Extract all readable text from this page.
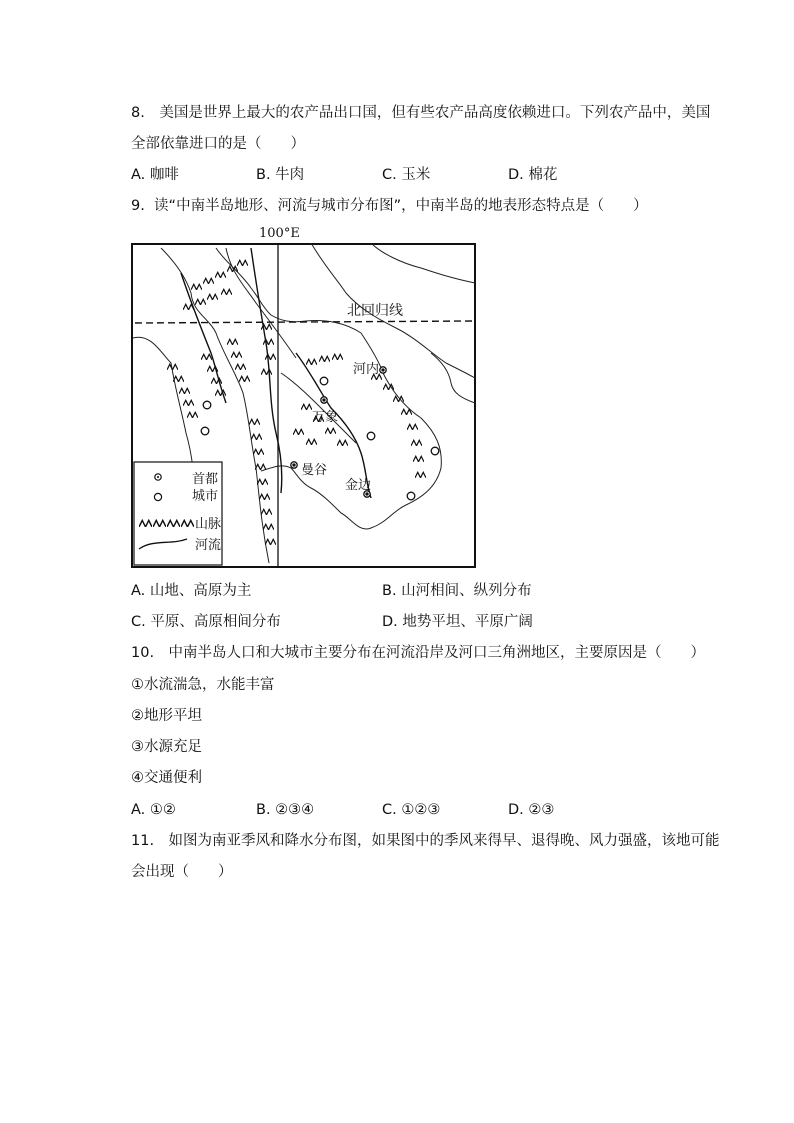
8.　美国是世界上最大的农产品出口国，但有些农产品高度依赖进口。下列农产品中，美国
全部依靠进口的是（　　）
A. 咖啡	B. 牛肉	C. 玉米	D. 棉花
9.  读“中南半岛地形、河流与城市分布图”，中南半岛的地表形态特点是（　　）
100°E
北回归线
河内
万象
曼谷
金边
首都
城市
山脉
河流
A. 山地、高原为主	B. 山河相间、纵列分布
C. 平原、高原相间分布	D. 地势平坦、平原广阔
10.　中南半岛人口和大城市主要分布在河流沿岸及河口三角洲地区，主要原因是（　　）
①水流湍急，水能丰富
②地形平坦
③水源充足
④交通便利
A. ①②	B. ②③④	C. ①②③	D. ②③
11.　如图为南亚季风和降水分布图，如果图中的季风来得早、退得晚、风力强盛，该地可能
会出现（　　）
